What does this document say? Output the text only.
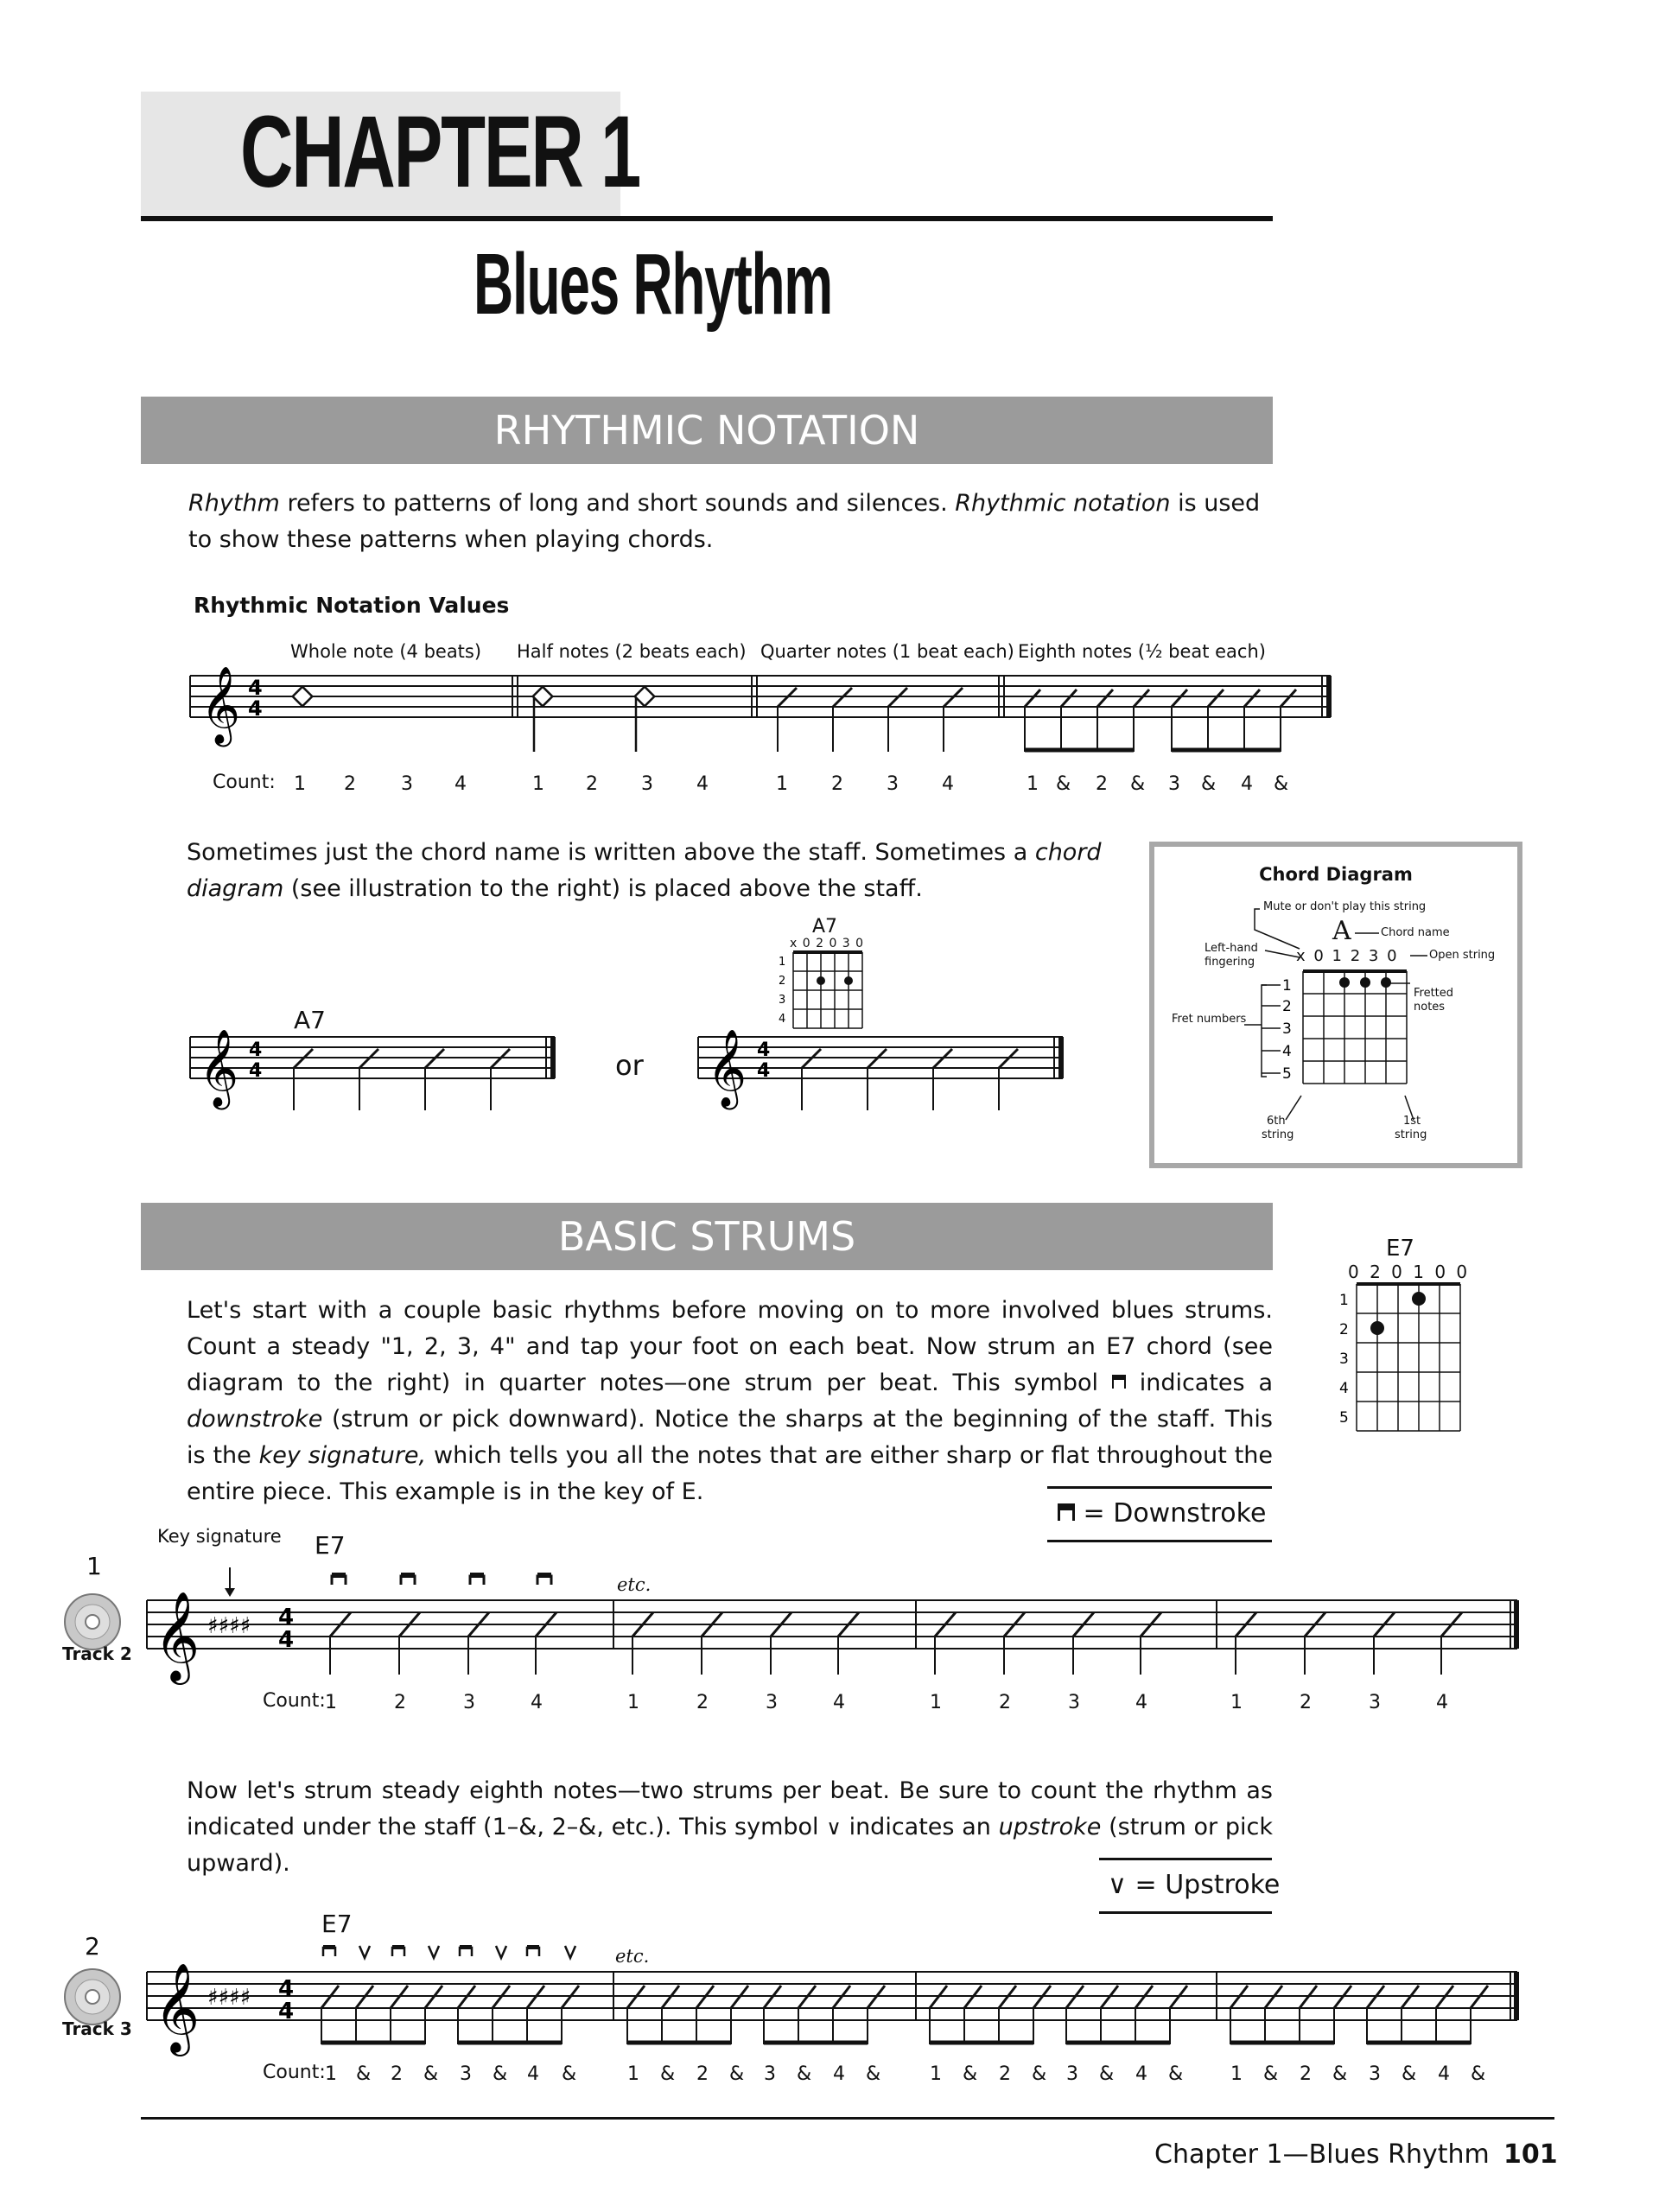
CHAPTER 1
Blues Rhythm
RHYTHMIC NOTATION
Rhythm refers to patterns of long and short sounds and silences. Rhythmic notation is used to show these patterns when playing chords.
Rhythmic Notation Values
Whole note (4 beats) Half notes (2 beats each) Quarter notes (1 beat each) Eighth notes (½ beat each)
𝄞 4
4
Count: 1 2 3 4	1 2 3 4	1 2 3 4	1 & 2 & 3 & 4 &
Sometimes just the chord name is written above the staff. Sometimes a chord diagram (see illustration to the right) is placed above the staff.
A7
𝄞 4
4	or
A7
x 0 2 0 3 0
1
2
3
4
𝄞 4
4
Chord Diagram
Mute or don't play this string
A	Chord name
Left-hand
fingering	x 0 1 2 3 0	Open string
Fretted
notes
Fret numbers
1
2
3
4
5
6th
string
1st
string
BASIC STRUMS	E7
0 2 0 1 0 0
1
2
3
4
5
Let's start with a couple basic rhythms before moving on to more involved blues strums. Count a steady "1, 2, 3, 4" and tap your foot on each beat. Now strum an E7 chord (see diagram to the right) in quarter notes—one strum per beat. This symbol  indicates a downstroke (strum or pick downward). Notice the sharps at the beginning of the staff. This is the key signature, which tells you all the notes that are either sharp or flat throughout the entire piece. This example is in the key of E.
= Downstroke
1
Track 2
Key signature E7
etc.
𝄞 ♯♯♯♯ 4
4
Count: 1	2	3	4	1	2	3	4	1	2	3	4	1	2	3	4
Now let's strum steady eighth notes—two strums per beat. Be sure to count the rhythm as indicated under the staff (1–&, 2–&, etc.). This symbol ∨ indicates an upstroke (strum or pick upward).
∨ = Upstroke
2
Track 3
E7
etc.
𝄞 ♯♯♯♯ 4
4
Count: 1 & 2 & 3 & 4 &	1 & 2 & 3 & 4 &	1 & 2 & 3 & 4 & 1 & 2 & 3 & 4 &
Chapter 1—Blues Rhythm 101
